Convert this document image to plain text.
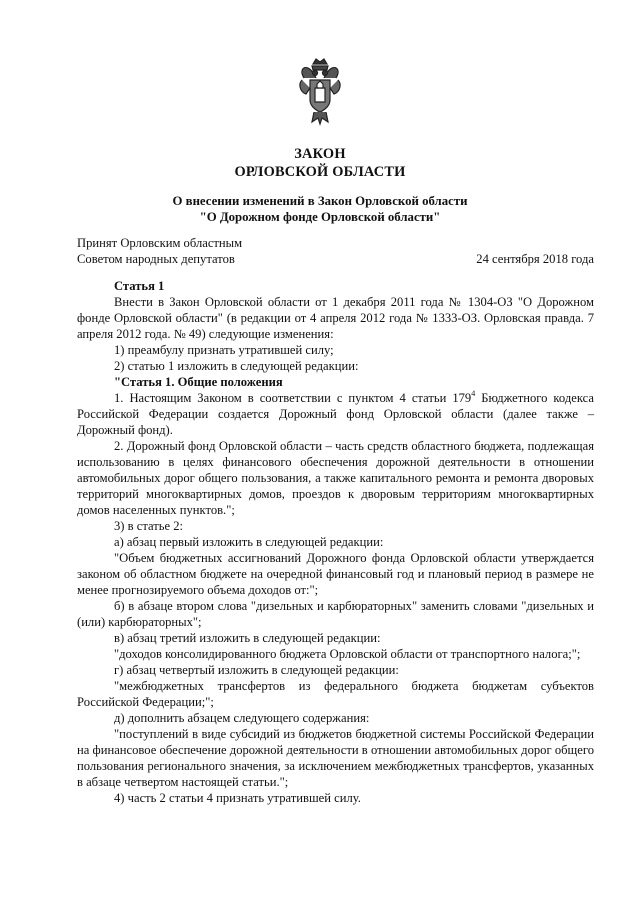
ЗАКОН
ОРЛОВСКОЙ ОБЛАСТИ
О внесении изменений в Закон Орловской области
"О Дорожном фонде Орловской области"
Принят Орловским областным
Советом народных депутатов	24 сентября 2018 года

Статья 1

Внести в Закон Орловской области от 1 декабря 2011 года № 1304-ОЗ "О Дорожном фонде Орловской области" (в редакции от 4 апреля 2012 года № 1333-ОЗ. Орловская правда. 7 апреля 2012 года. № 49) следующие изменения:

1) преамбулу признать утратившей силу;

2) статью 1 изложить в следующей редакции:

"Статья 1. Общие положения

1. Настоящим Законом в соответствии с пунктом 4 статьи $179^4$ Бюджетного кодекса Российской Федерации создается Дорожный фонд Орловской области (далее также – Дорожный фонд).

2. Дорожный фонд Орловской области – часть средств областного бюджета, подлежащая использованию в целях финансового обеспечения дорожной деятельности в отношении автомобильных дорог общего пользования, а также капитального ремонта и ремонта дворовых территорий многоквартирных домов, проездов к дворовым территориям многоквартирных домов населенных пунктов.";

3) в статье 2:

а) абзац первый изложить в следующей редакции:

"Объем бюджетных ассигнований Дорожного фонда Орловской области утверждается законом об областном бюджете на очередной финансовый год и плановый период в размере не менее прогнозируемого объема доходов от:";

б) в абзаце втором слова "дизельных и карбюраторных" заменить словами "дизельных и (или) карбюраторных";

в) абзац третий изложить в следующей редакции:

"доходов консолидированного бюджета Орловской области от транспортного налога;";

г) абзац четвертый изложить в следующей редакции:

"межбюджетных трансфертов из федерального бюджета бюджетам субъектов Российской Федерации;";

д) дополнить абзацем следующего содержания:

"поступлений в виде субсидий из бюджетов бюджетной системы Российской Федерации на финансовое обеспечение дорожной деятельности в отношении автомобильных дорог общего пользования регионального значения, за исключением межбюджетных трансфертов, указанных в абзаце четвертом настоящей статьи.";

4) часть 2 статьи 4 признать утратившей силу.
